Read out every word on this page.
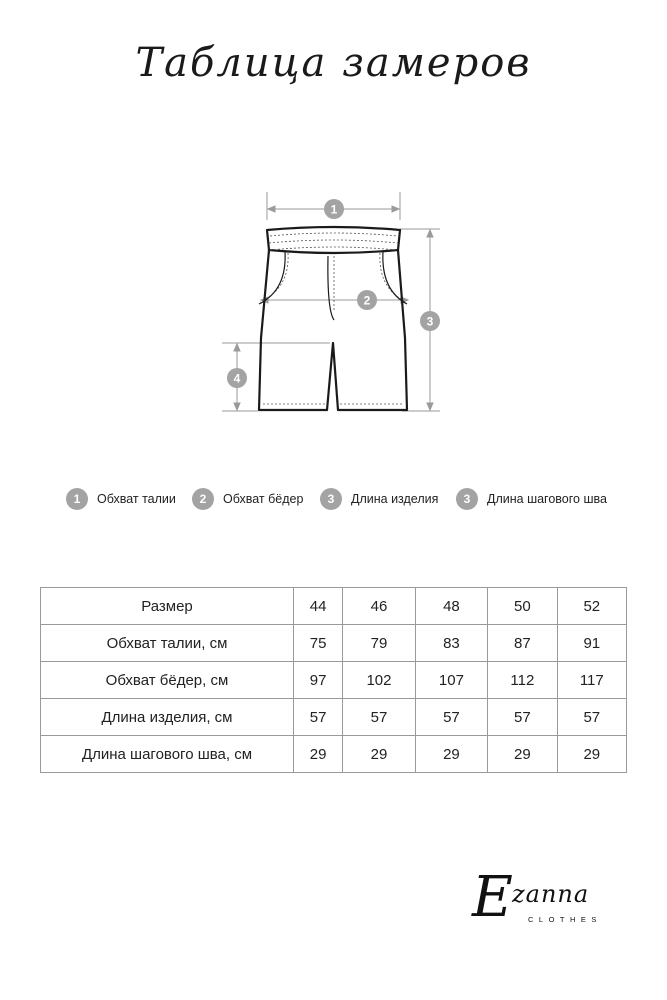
Таблица замеров
1
2
3
4
1	Обхват талии	2	Обхват бёдер	3	Длина изделия	3	Длина шагового шва
Размер	44	46	48	50	52
Обхват талии, см	75	79	83	87	91
Обхват бёдер, см	97	102	107	112	117
Длина изделия, см	57	57	57	57	57
Длина шагового шва, см	29	29	29	29	29
E zanna
CLOTHES
